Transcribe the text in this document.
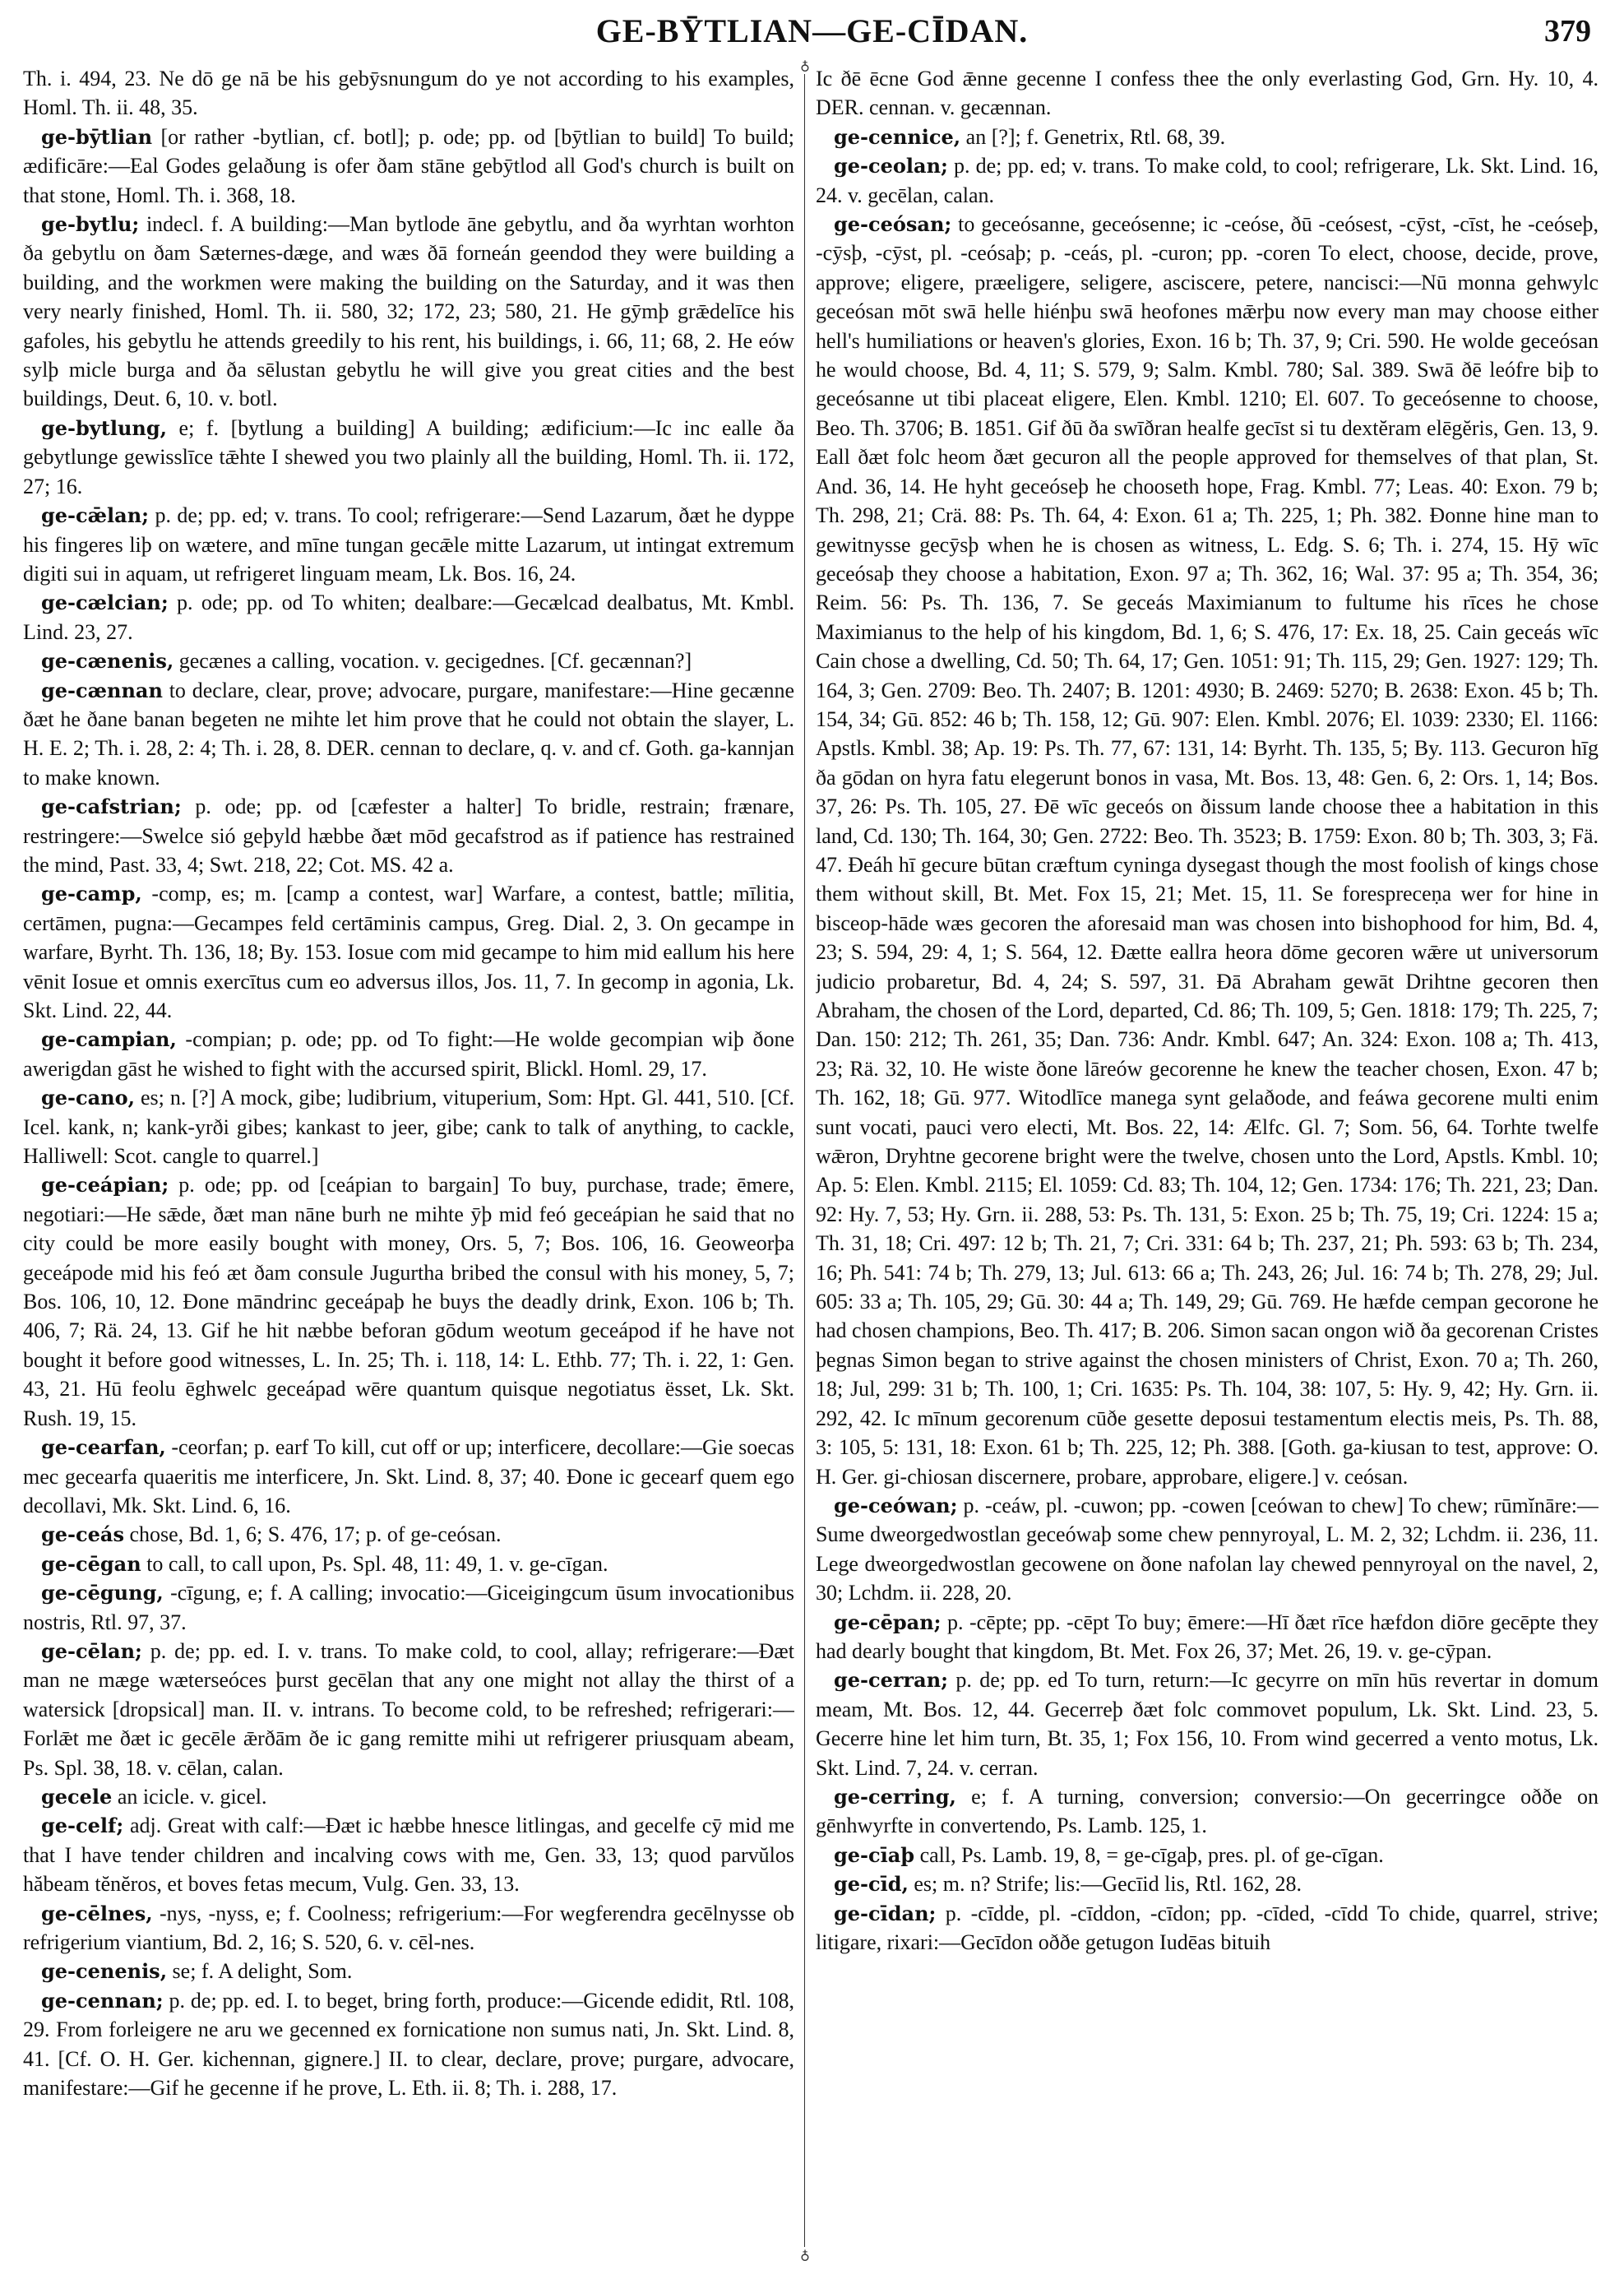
GE-BȲTLIAN—GE-CĪDAN.	379

Th. i. 494, 23. Ne dō ge nā be his gebȳsnungum do ye not according to his examples, Homl. Th. ii. 48, 35.

ge-bȳtlian [or rather -bytlian, cf. botl]; p. ode; pp. od [bȳtlian to build] To build; ædificāre:—Eal Godes gelaðung is ofer ðam stāne gebȳtlod all God's church is built on that stone, Homl. Th. i. 368, 18.

ge-bytlu; indecl. f. A building:—Man bytlode āne gebytlu, and ða wyrhtan worhton ða gebytlu on ðam Sæternes-dæge, and wæs ðā forneán geendod they were building a building, and the workmen were making the building on the Saturday, and it was then very nearly finished, Homl. Th. ii. 580, 32; 172, 23; 580, 21. He gȳmþ grǣdelīce his gafoles, his gebytlu he attends greedily to his rent, his buildings, i. 66, 11; 68, 2. He eów sylþ micle burga and ða sēlustan gebytlu he will give you great cities and the best buildings, Deut. 6, 10. v. botl.

ge-bytlung, e; f. [bytlung a building] A building; ædificium:—Ic inc ealle ða gebytlunge gewisslīce tǣhte I shewed you two plainly all the building, Homl. Th. ii. 172, 27; 16.

ge-cǣlan; p. de; pp. ed; v. trans. To cool; refrigerare:—Send Lazarum, ðæt he dyppe his fingeres liþ on wætere, and mīne tungan gecǣle mitte Lazarum, ut intingat extremum digiti sui in aquam, ut refrigeret linguam meam, Lk. Bos. 16, 24.

ge-cælcian; p. ode; pp. od To whiten; dealbare:—Gecælcad dealbatus, Mt. Kmbl. Lind. 23, 27.

ge-cænenis, gecænes a calling, vocation. v. gecigednes. [Cf. gecænnan?]

ge-cænnan to declare, clear, prove; advocare, purgare, manifestare:—Hine gecænne ðæt he ðane banan begeten ne mihte let him prove that he could not obtain the slayer, L. H. E. 2; Th. i. 28, 2: 4; Th. i. 28, 8. DER. cennan to declare, q. v. and cf. Goth. ga-kannjan to make known.

ge-cafstrian; p. ode; pp. od [cæfester a halter] To bridle, restrain; frænare, restringere:—Swelce sió geþyld hæbbe ðæt mōd gecafstrod as if patience has restrained the mind, Past. 33, 4; Swt. 218, 22; Cot. MS. 42 a.

ge-camp, -comp, es; m. [camp a contest, war] Warfare, a contest, battle; mīlitia, certāmen, pugna:—Gecampes feld certāminis campus, Greg. Dial. 2, 3. On gecampe in warfare, Byrht. Th. 136, 18; By. 153. Iosue com mid gecampe to him mid eallum his here vēnit Iosue et omnis exercītus cum eo adversus illos, Jos. 11, 7. In gecomp in agonia, Lk. Skt. Lind. 22, 44.

ge-campian, -compian; p. ode; pp. od To fight:—He wolde gecompian wiþ ðone awerigdan gāst he wished to fight with the accursed spirit, Blickl. Homl. 29, 17.

ge-cano, es; n. [?] A mock, gibe; ludibrium, vituperium, Som: Hpt. Gl. 441, 510. [Cf. Icel. kank, n; kank-yrði gibes; kankast to jeer, gibe; cank to talk of anything, to cackle, Halliwell: Scot. cangle to quarrel.]

ge-ceápian; p. ode; pp. od [ceápian to bargain] To buy, purchase, trade; ēmere, negotiari:—He sǣde, ðæt man nāne burh ne mihte ȳþ mid feó geceápian he said that no city could be more easily bought with money, Ors. 5, 7; Bos. 106, 16. Geoweorþa geceápode mid his feó æt ðam consule Jugurtha bribed the consul with his money, 5, 7; Bos. 106, 10, 12. Ðone māndrinc geceápaþ he buys the deadly drink, Exon. 106 b; Th. 406, 7; Rä. 24, 13. Gif he hit næbbe beforan gōdum weotum geceápod if he have not bought it before good witnesses, L. In. 25; Th. i. 118, 14: L. Ethb. 77; Th. i. 22, 1: Gen. 43, 21. Hū feolu ēghwelc geceápad wēre quantum quisque negotiatus ësset, Lk. Skt. Rush. 19, 15.

ge-cearfan, -ceorfan; p. earf To kill, cut off or up; interficere, decollare:—Gie soecas mec gecearfa quaeritis me interficere, Jn. Skt. Lind. 8, 37; 40. Ðone ic gecearf quem ego decollavi, Mk. Skt. Lind. 6, 16.

ge-ceás chose, Bd. 1, 6; S. 476, 17; p. of ge-ceósan.

ge-cēgan to call, to call upon, Ps. Spl. 48, 11: 49, 1. v. ge-cīgan.

ge-cēgung, -cīgung, e; f. A calling; invocatio:—Giceigingcum ūsum invocationibus nostris, Rtl. 97, 37.

ge-cēlan; p. de; pp. ed. I. v. trans. To make cold, to cool, allay; refrigerare:—Ðæt man ne mæge wæterseóces þurst gecēlan that any one might not allay the thirst of a watersick [dropsical] man. II. v. intrans. To become cold, to be refreshed; refrigerari:—Forlǣt me ðæt ic gecēle ǣrðām ðe ic gang remitte mihi ut refrigerer priusquam abeam, Ps. Spl. 38, 18. v. cēlan, calan.

gecele an icicle. v. gicel.

ge-celf; adj. Great with calf:—Ðæt ic hæbbe hnesce litlingas, and gecelfe cȳ mid me that I have tender children and incalving cows with me, Gen. 33, 13; quod parvŭlos hăbeam tĕnĕros, et boves fetas mecum, Vulg. Gen. 33, 13.

ge-cēlnes, -nys, -nyss, e; f. Coolness; refrigerium:—For wegferendra gecēlnysse ob refrigerium viantium, Bd. 2, 16; S. 520, 6. v. cēl-nes.

ge-cenenis, se; f. A delight, Som.

ge-cennan; p. de; pp. ed. I. to beget, bring forth, produce:—Gicende edidit, Rtl. 108, 29. From forleigere ne aru we gecenned ex fornicatione non sumus nati, Jn. Skt. Lind. 8, 41. [Cf. O. H. Ger. kichennan, gignere.] II. to clear, declare, prove; purgare, advocare, manifestare:—Gif he gecenne if he prove, L. Eth. ii. 8; Th. i. 288, 17.

♁
♁

Ic ðē ēcne God ǣnne gecenne I confess thee the only everlasting God, Grn. Hy. 10, 4. DER. cennan. v. gecænnan.

ge-cennice, an [?]; f. Genetrix, Rtl. 68, 39.

ge-ceolan; p. de; pp. ed; v. trans. To make cold, to cool; refrigerare, Lk. Skt. Lind. 16, 24. v. gecēlan, calan.

ge-ceósan; to geceósanne, geceósenne; ic -ceóse, ðū -ceósest, -cȳst, -cīst, he -ceóseþ, -cȳsþ, -cȳst, pl. -ceósaþ; p. -ceás, pl. -curon; pp. -coren To elect, choose, decide, prove, approve; eligere, præeligere, seligere, asciscere, petere, nancisci:—Nū monna gehwylc geceósan mōt swā helle hiénþu swā heofones mǣrþu now every man may choose either hell's humiliations or heaven's glories, Exon. 16 b; Th. 37, 9; Cri. 590. He wolde geceósan he would choose, Bd. 4, 11; S. 579, 9; Salm. Kmbl. 780; Sal. 389. Swā ðē leófre biþ to geceósanne ut tibi placeat eligere, Elen. Kmbl. 1210; El. 607. To geceósenne to choose, Beo. Th. 3706; B. 1851. Gif ðū ða swīðran healfe gecīst si tu dextĕram elēgĕris, Gen. 13, 9. Eall ðæt folc heom ðæt gecuron all the people approved for themselves of that plan, St. And. 36, 14. He hyht geceóseþ he chooseth hope, Frag. Kmbl. 77; Leas. 40: Exon. 79 b; Th. 298, 21; Crä. 88: Ps. Th. 64, 4: Exon. 61 a; Th. 225, 1; Ph. 382. Ðonne hine man to gewitnysse gecȳsþ when he is chosen as witness, L. Edg. S. 6; Th. i. 274, 15. Hȳ wīc geceósaþ they choose a habitation, Exon. 97 a; Th. 362, 16; Wal. 37: 95 a; Th. 354, 36; Reim. 56: Ps. Th. 136, 7. Se geceás Maximianum to fultume his rīces he chose Maximianus to the help of his kingdom, Bd. 1, 6; S. 476, 17: Ex. 18, 25. Cain geceás wīc Cain chose a dwelling, Cd. 50; Th. 64, 17; Gen. 1051: 91; Th. 115, 29; Gen. 1927: 129; Th. 164, 3; Gen. 2709: Beo. Th. 2407; B. 1201: 4930; B. 2469: 5270; B. 2638: Exon. 45 b; Th. 154, 34; Gū. 852: 46 b; Th. 158, 12; Gū. 907: Elen. Kmbl. 2076; El. 1039: 2330; El. 1166: Apstls. Kmbl. 38; Ap. 19: Ps. Th. 77, 67: 131, 14: Byrht. Th. 135, 5; By. 113. Gecuron hīg ða gōdan on hyra fatu elegerunt bonos in vasa, Mt. Bos. 13, 48: Gen. 6, 2: Ors. 1, 14; Bos. 37, 26: Ps. Th. 105, 27. Ðē wīc geceós on ðissum lande choose thee a habitation in this land, Cd. 130; Th. 164, 30; Gen. 2722: Beo. Th. 3523; B. 1759: Exon. 80 b; Th. 303, 3; Fä. 47. Ðeáh hī gecure būtan cræftum cyninga dysegast though the most foolish of kings chose them without skill, Bt. Met. Fox 15, 21; Met. 15, 11. Se forespreceṇa wer for hine in bisceop-hāde wæs gecoren the aforesaid man was chosen into bishophood for him, Bd. 4, 23; S. 594, 29: 4, 1; S. 564, 12. Ðætte eallra heora dōme gecoren wǣre ut universorum judicio probaretur, Bd. 4, 24; S. 597, 31. Ðā Abraham gewāt Drihtne gecoren then Abraham, the chosen of the Lord, departed, Cd. 86; Th. 109, 5; Gen. 1818: 179; Th. 225, 7; Dan. 150: 212; Th. 261, 35; Dan. 736: Andr. Kmbl. 647; An. 324: Exon. 108 a; Th. 413, 23; Rä. 32, 10. He wiste ðone lāreów gecorenne he knew the teacher chosen, Exon. 47 b; Th. 162, 18; Gū. 977. Witodlīce manega synt gelaðode, and feáwa gecorene multi enim sunt vocati, pauci vero electi, Mt. Bos. 22, 14: Ælfc. Gl. 7; Som. 56, 64. Torhte twelfe wǣron, Dryhtne gecorene bright were the twelve, chosen unto the Lord, Apstls. Kmbl. 10; Ap. 5: Elen. Kmbl. 2115; El. 1059: Cd. 83; Th. 104, 12; Gen. 1734: 176; Th. 221, 23; Dan. 92: Hy. 7, 53; Hy. Grn. ii. 288, 53: Ps. Th. 131, 5: Exon. 25 b; Th. 75, 19; Cri. 1224: 15 a; Th. 31, 18; Cri. 497: 12 b; Th. 21, 7; Cri. 331: 64 b; Th. 237, 21; Ph. 593: 63 b; Th. 234, 16; Ph. 541: 74 b; Th. 279, 13; Jul. 613: 66 a; Th. 243, 26; Jul. 16: 74 b; Th. 278, 29; Jul. 605: 33 a; Th. 105, 29; Gū. 30: 44 a; Th. 149, 29; Gū. 769. He hæfde cempan gecorone he had chosen champions, Beo. Th. 417; B. 206. Simon sacan ongon wið ða gecorenan Cristes þegnas Simon began to strive against the chosen ministers of Christ, Exon. 70 a; Th. 260, 18; Jul, 299: 31 b; Th. 100, 1; Cri. 1635: Ps. Th. 104, 38: 107, 5: Hy. 9, 42; Hy. Grn. ii. 292, 42. Ic mīnum gecorenum cūðe gesette deposui testamentum electis meis, Ps. Th. 88, 3: 105, 5: 131, 18: Exon. 61 b; Th. 225, 12; Ph. 388. [Goth. ga-kiusan to test, approve: O. H. Ger. gi-chiosan discernere, probare, approbare, eligere.] v. ceósan.

ge-ceówan; p. -ceáw, pl. -cuwon; pp. -cowen [ceówan to chew] To chew; rūmĭnāre:—Sume dweorgedwostlan geceówaþ some chew pennyroyal, L. M. 2, 32; Lchdm. ii. 236, 11. Lege dweorgedwostlan gecowene on ðone nafolan lay chewed pennyroyal on the navel, 2, 30; Lchdm. ii. 228, 20.

ge-cēpan; p. -cēpte; pp. -cēpt To buy; ēmere:—Hī ðæt rīce hæfdon diōre gecēpte they had dearly bought that kingdom, Bt. Met. Fox 26, 37; Met. 26, 19. v. ge-cȳpan.

ge-cerran; p. de; pp. ed To turn, return:—Ic gecyrre on mīn hūs revertar in domum meam, Mt. Bos. 12, 44. Gecerreþ ðæt folc commovet populum, Lk. Skt. Lind. 23, 5. Gecerre hine let him turn, Bt. 35, 1; Fox 156, 10. From wind gecerred a vento motus, Lk. Skt. Lind. 7, 24. v. cerran.

ge-cerring, e; f. A turning, conversion; conversio:—On gecerringce oððe on gēnhwyrfte in convertendo, Ps. Lamb. 125, 1.

ge-cīaþ call, Ps. Lamb. 19, 8, = ge-cīgaþ, pres. pl. of ge-cīgan.

ge-cīd, es; m. n? Strife; lis:—Gecīid lis, Rtl. 162, 28.

ge-cīdan; p. -cīdde, pl. -cīddon, -cīdon; pp. -cīded, -cīdd To chide, quarrel, strive; litigare, rixari:—Gecīdon oððe getugon Iudēas bituih
